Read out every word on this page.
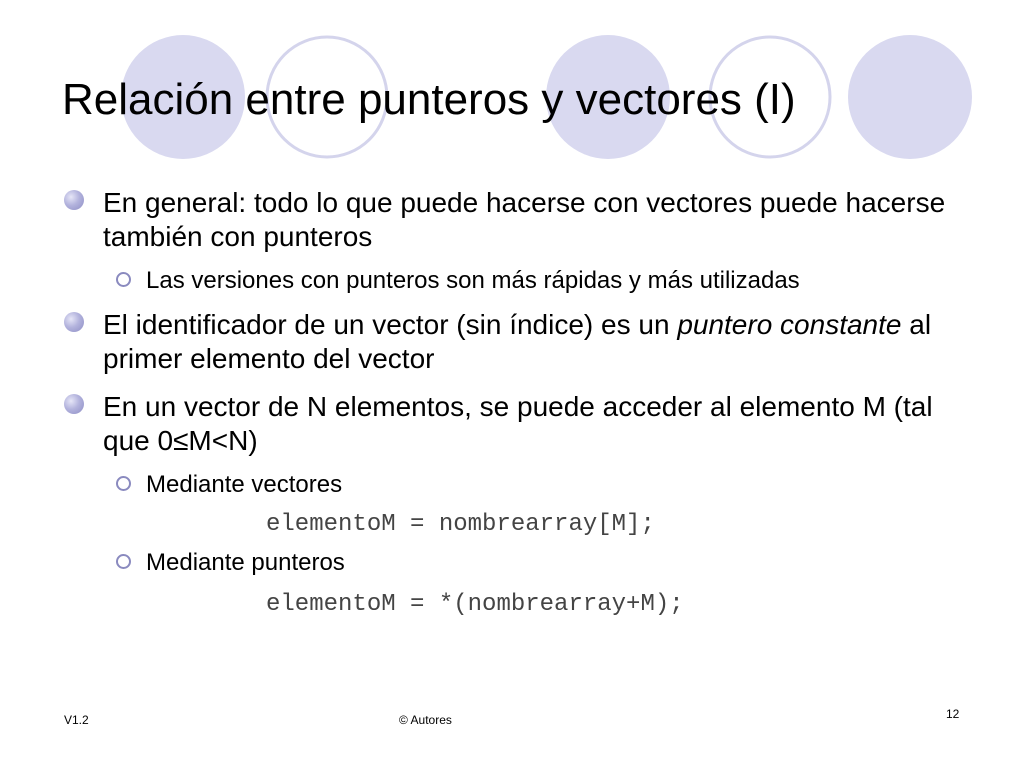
Relación entre punteros y vectores (I)
En general: todo lo que puede hacerse con vectores puede hacerse también con punteros
Las versiones con punteros son más rápidas y más utilizadas
El identificador de un vector (sin índice) es un puntero constante al primer elemento del vector
En un vector de N elementos, se puede acceder al elemento M (tal que 0≤M<N)
Mediante vectores
elementoM = nombrearray[M];
Mediante punteros
elementoM = *(nombrearray+M);
V1.2	© Autores	12
